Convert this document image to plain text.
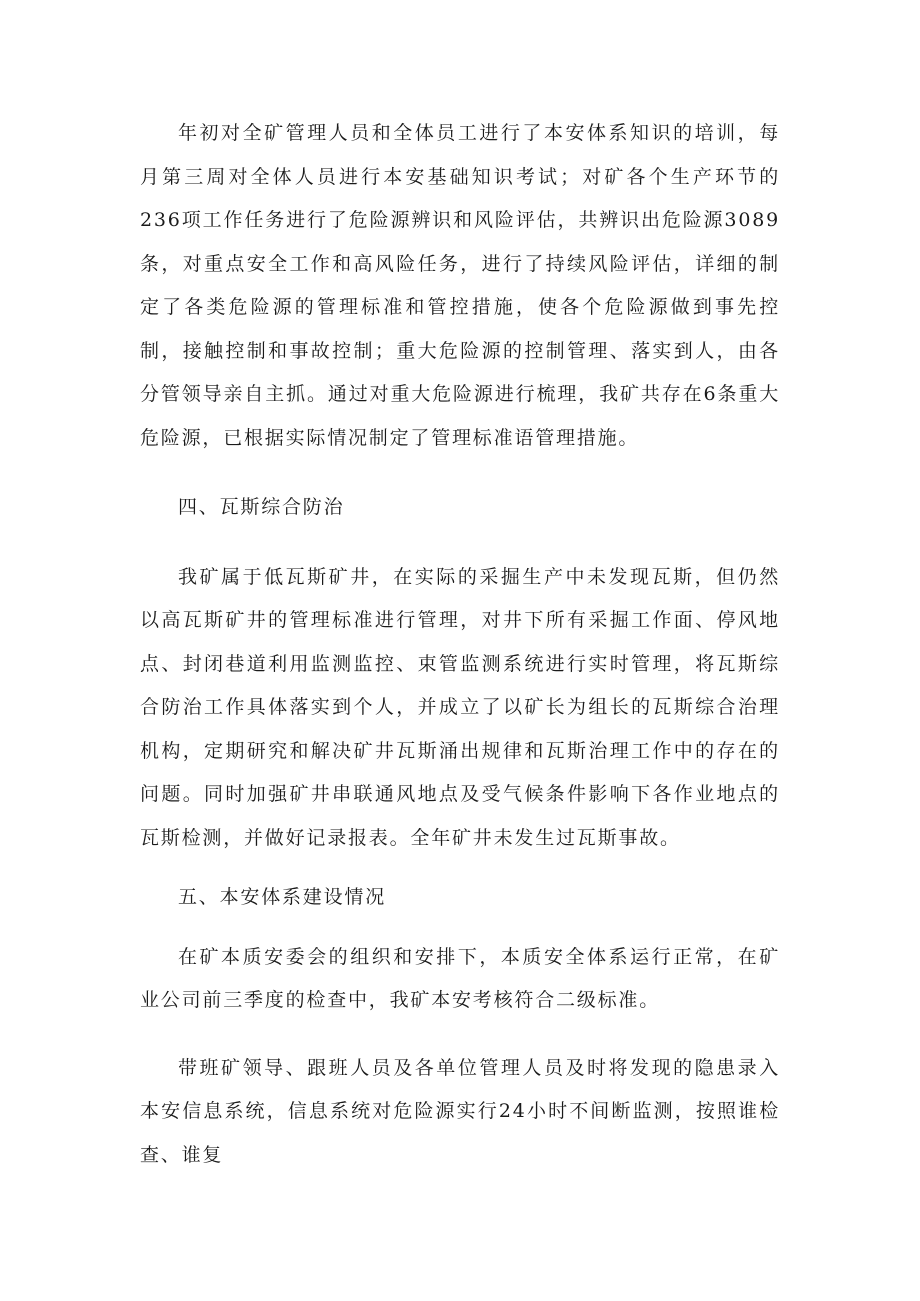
年初对全矿管理人员和全体员工进行了本安体系知识的培训，每月第三周对全体人员进行本安基础知识考试；对矿各个生产环节的236项工作任务进行了危险源辨识和风险评估，共辨识出危险源3089条，对重点安全工作和高风险任务，进行了持续风险评估，详细的制定了各类危险源的管理标准和管控措施，使各个危险源做到事先控制，接触控制和事故控制；重大危险源的控制管理、落实到人，由各分管领导亲自主抓。通过对重大危险源进行梳理，我矿共存在6条重大危险源，已根据实际情况制定了管理标准语管理措施。

四、瓦斯综合防治

我矿属于低瓦斯矿井，在实际的采掘生产中未发现瓦斯，但仍然以高瓦斯矿井的管理标准进行管理，对井下所有采掘工作面、停风地点、封闭巷道利用监测监控、束管监测系统进行实时管理，将瓦斯综合防治工作具体落实到个人，并成立了以矿长为组长的瓦斯综合治理机构，定期研究和解决矿井瓦斯涌出规律和瓦斯治理工作中的存在的问题。同时加强矿井串联通风地点及受气候条件影响下各作业地点的瓦斯检测，并做好记录报表。全年矿井未发生过瓦斯事故。

五、本安体系建设情况

在矿本质安委会的组织和安排下，本质安全体系运行正常，在矿业公司前三季度的检查中，我矿本安考核符合二级标准。

带班矿领导、跟班人员及各单位管理人员及时将发现的隐患录入本安信息系统，信息系统对危险源实行24小时不间断监测，按照谁检查、谁复
